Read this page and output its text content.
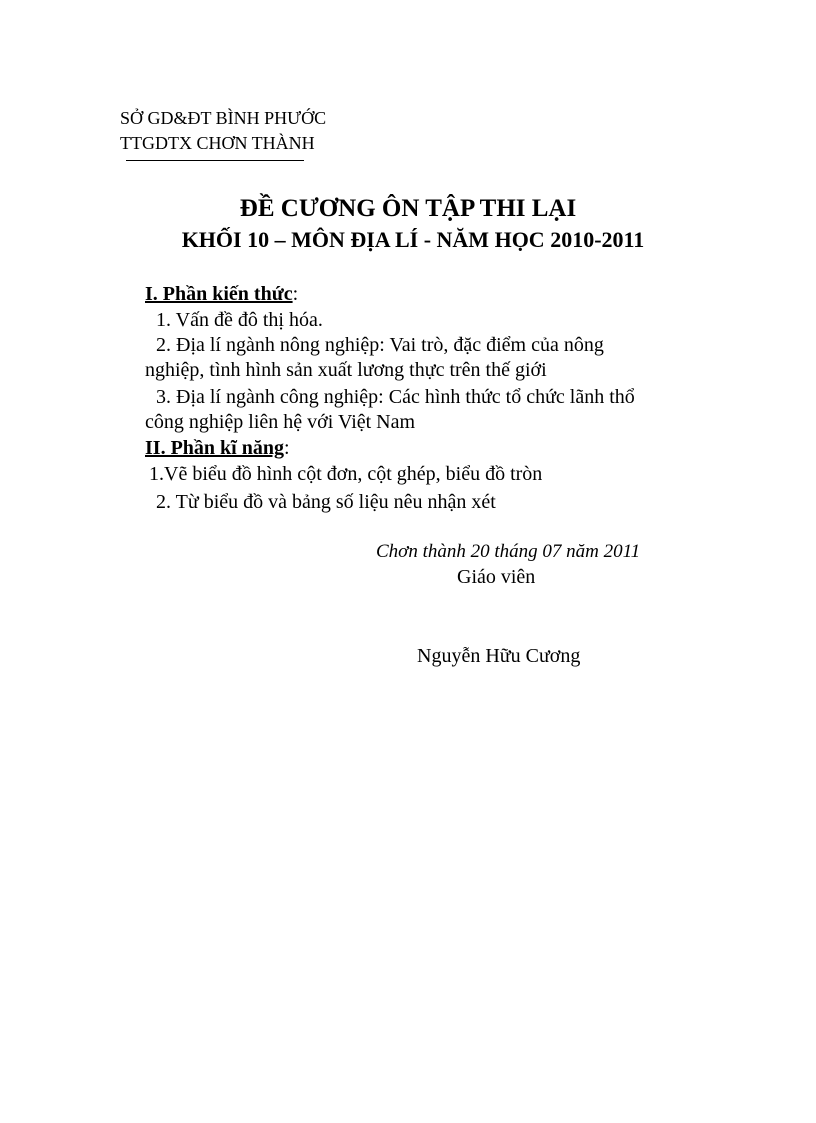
SỞ GD&ĐT BÌNH PHƯỚC
TTGDTX CHƠN THÀNH
ĐỀ CƯƠNG ÔN TẬP THI LẠI
KHỐI 10 – MÔN ĐỊA LÍ - NĂM HỌC 2010-2011
I. Phần kiến thức:
1. Vấn đề đô thị hóa.
2. Địa lí ngành nông nghiệp: Vai trò, đặc điểm của nông
nghiệp, tình hình sản xuất lương thực trên thế giới
3. Địa lí ngành công nghiệp: Các hình thức tổ chức lãnh thổ
công nghiệp liên hệ với Việt Nam
II. Phần kĩ năng:
1.Vẽ biểu đồ hình cột đơn, cột ghép, biểu đồ tròn
2. Từ biểu đồ và bảng số liệu nêu nhận xét
Chơn thành 20 tháng 07 năm 2011
Giáo viên
Nguyễn Hữu Cương
